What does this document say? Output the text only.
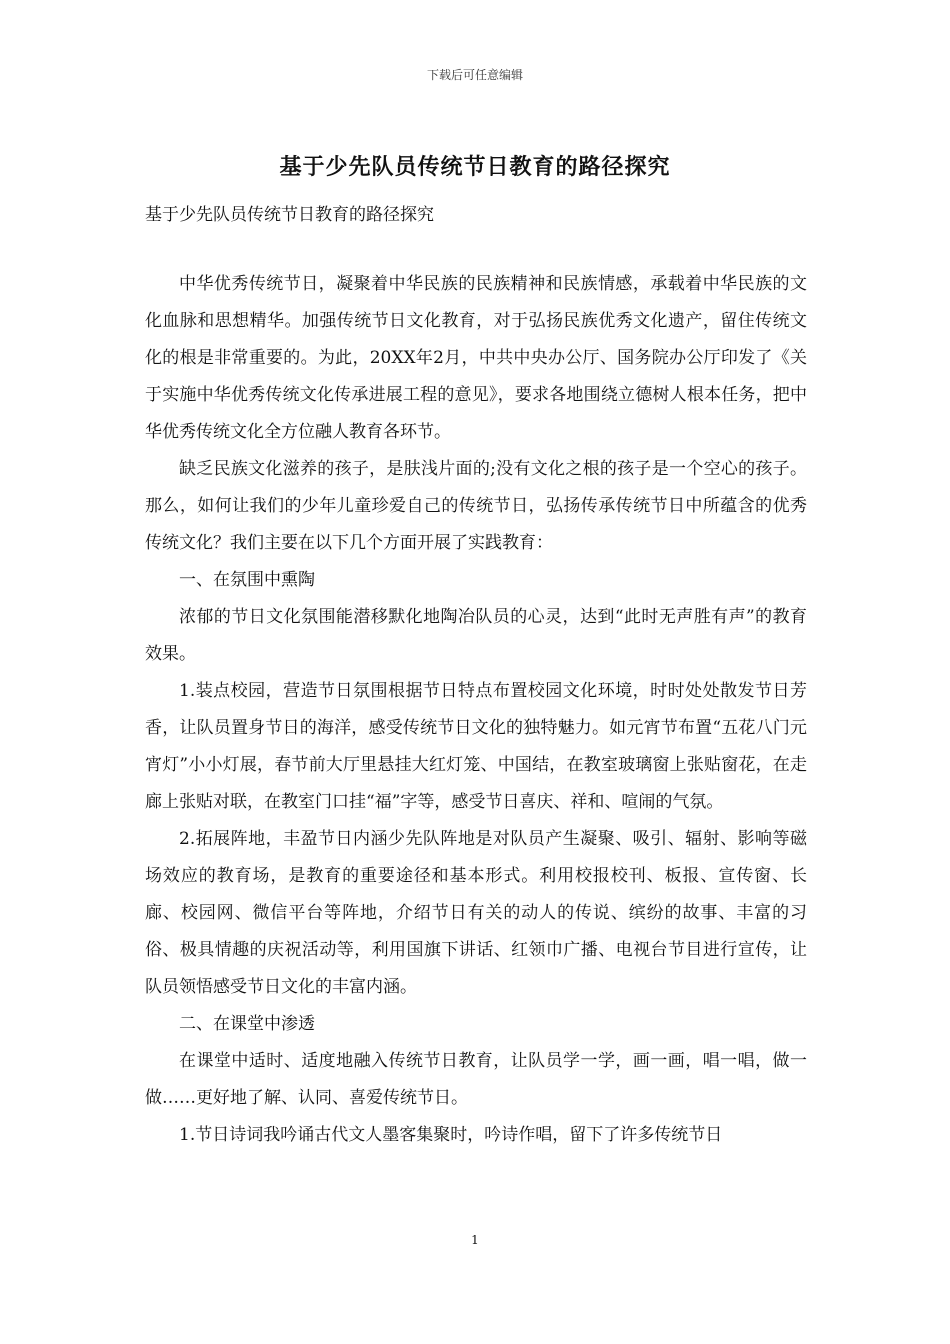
下载后可任意编辑
基于少先队员传统节日教育的路径探究

基于少先队员传统节日教育的路径探究

中华优秀传统节日，凝聚着中华民族的民族精神和民族情感，承载着中华民族的文化血脉和思想精华。加强传统节日文化教育，对于弘扬民族优秀文化遗产，留住传统文化的根是非常重要的。为此，20XX年2月，中共中央办公厅、国务院办公厅印发了《关于实施中华优秀传统文化传承进展工程的意见》，要求各地围绕立德树人根本任务，把中华优秀传统文化全方位融人教育各环节。

缺乏民族文化滋养的孩子，是肤浅片面的;没有文化之根的孩子是一个空心的孩子。那么，如何让我们的少年儿童珍爱自己的传统节日，弘扬传承传统节日中所蕴含的优秀传统文化？我们主要在以下几个方面开展了实践教育：

一、在氛围中熏陶

浓郁的节日文化氛围能潜移默化地陶冶队员的心灵，达到“此时无声胜有声”的教育效果。

1.装点校园，营造节日氛围根据节日特点布置校园文化环境，时时处处散发节日芳香，让队员置身节日的海洋，感受传统节日文化的独特魅力。如元宵节布置“五花八门元宵灯”小小灯展，春节前大厅里悬挂大红灯笼、中国结，在教室玻璃窗上张贴窗花，在走廊上张贴对联，在教室门口挂“福”字等，感受节日喜庆、祥和、喧闹的气氛。

2.拓展阵地，丰盈节日内涵少先队阵地是对队员产生凝聚、吸引、辐射、影响等磁场效应的教育场，是教育的重要途径和基本形式。利用校报校刊、板报、宣传窗、长廊、校园网、微信平台等阵地，介绍节日有关的动人的传说、缤纷的故事、丰富的习俗、极具情趣的庆祝活动等，利用国旗下讲话、红领巾广播、电视台节目进行宣传，让队员领悟感受节日文化的丰富内涵。

二、在课堂中渗透

在课堂中适时、适度地融入传统节日教育，让队员学一学，画一画，唱一唱，做一做……更好地了解、认同、喜爱传统节日。

1.节日诗词我吟诵古代文人墨客集聚时，吟诗作唱，留下了许多传统节日

1
